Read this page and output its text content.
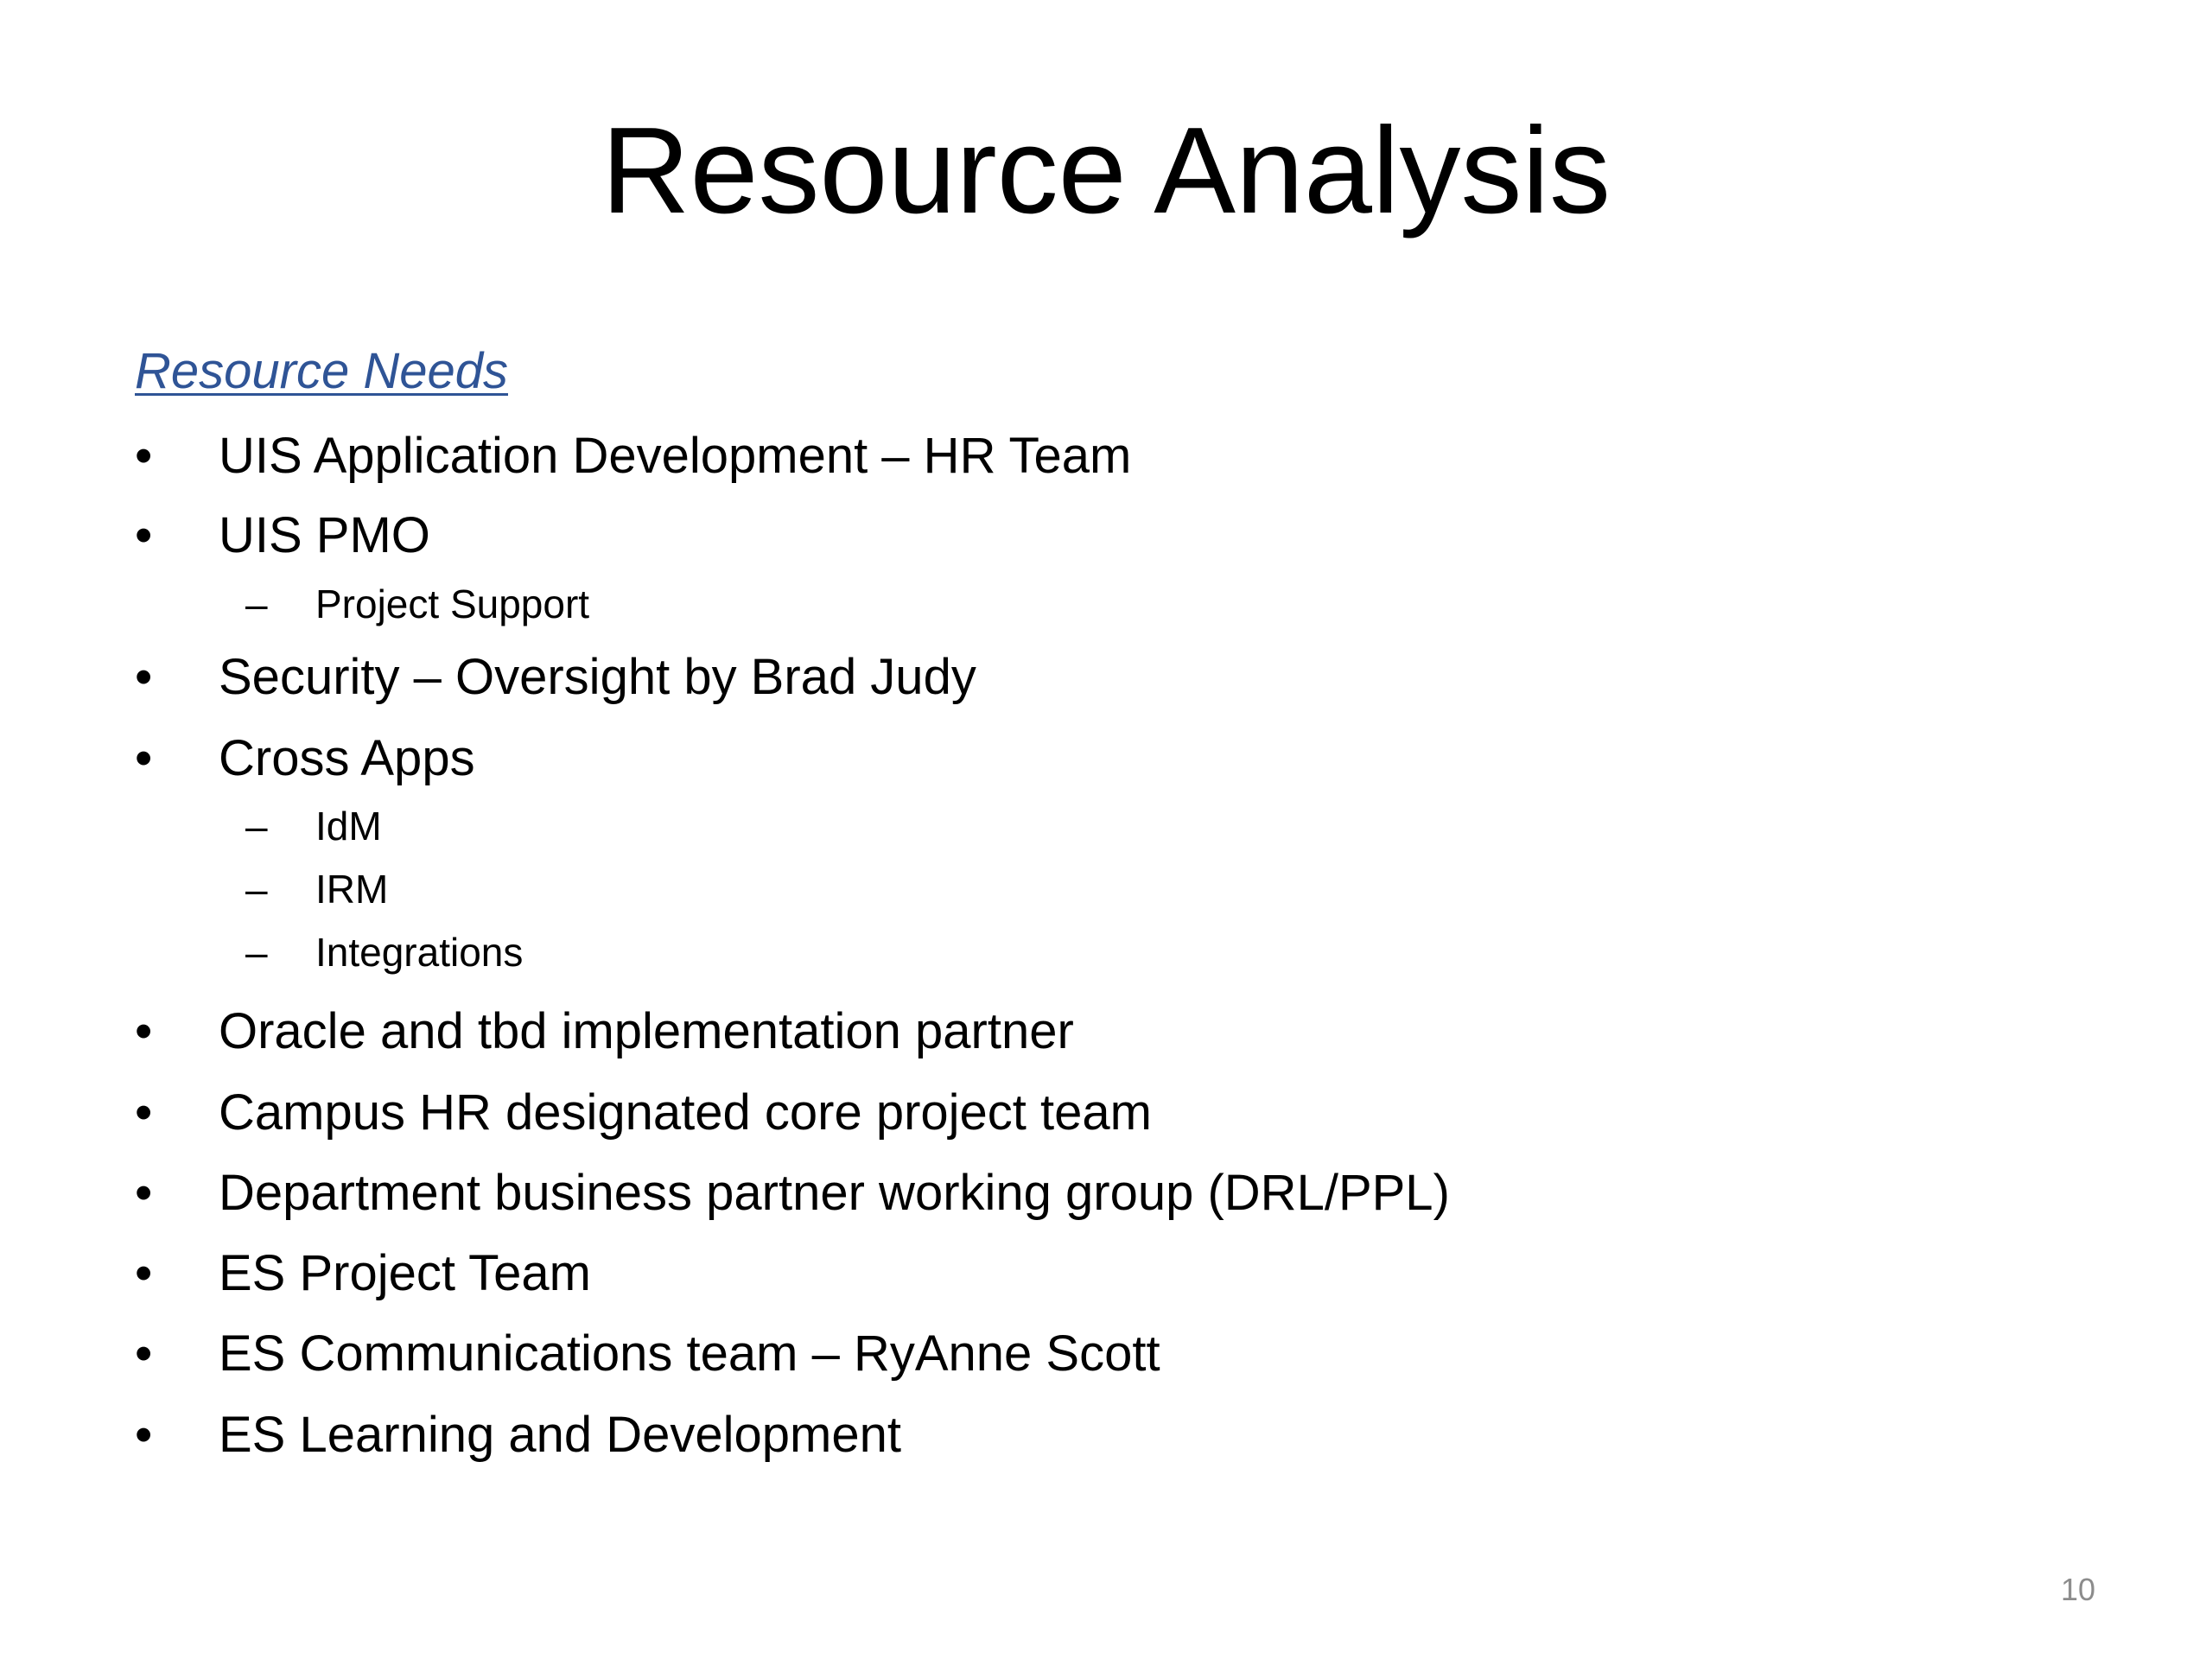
Resource Analysis
Resource Needs
• UIS Application Development – HR Team
• UIS PMO
– Project Support
• Security – Oversight by Brad Judy
• Cross Apps
– IdM
– IRM
– Integrations
• Oracle and tbd implementation partner
• Campus HR designated core project team
• Department business partner working group (DRL/PPL)
• ES Project Team
• ES Communications team – RyAnne Scott
• ES Learning and Development
10
